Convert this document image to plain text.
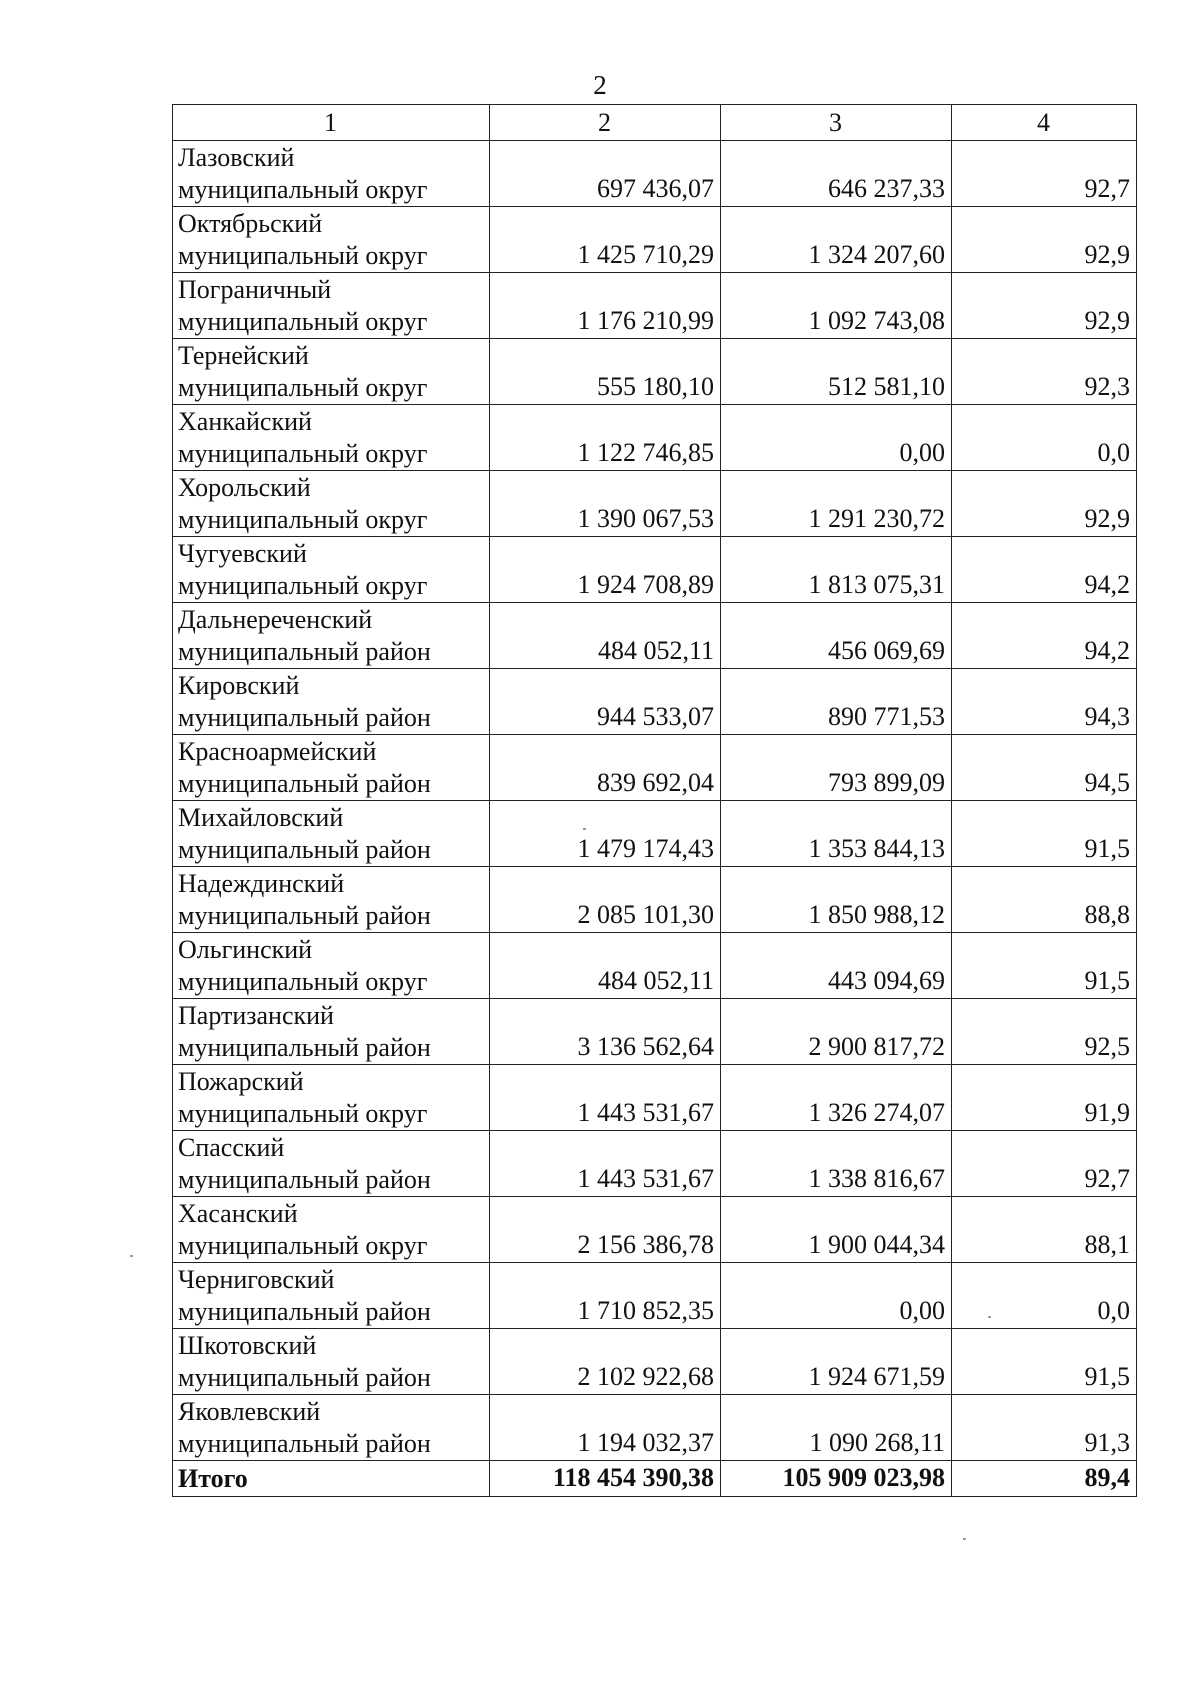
2
1	2	3	4

Лазовский
муниципальный округ	697 436,07	646 237,33	92,7

Октябрьский
муниципальный округ	1 425 710,29	1 324 207,60	92,9

Пограничный
муниципальный округ	1 176 210,99	1 092 743,08	92,9

Тернейский
муниципальный округ	555 180,10	512 581,10	92,3

Ханкайский
муниципальный округ	1 122 746,85	0,00	0,0

Хорольский
муниципальный округ	1 390 067,53	1 291 230,72	92,9

Чугуевский
муниципальный округ	1 924 708,89	1 813 075,31	94,2

Дальнереченский
муниципальный район	484 052,11	456 069,69	94,2

Кировский
муниципальный район	944 533,07	890 771,53	94,3

Красноармейский
муниципальный район	839 692,04	793 899,09	94,5

Михайловский
муниципальный район	1 479 174,43	1 353 844,13	91,5

Надеждинский
муниципальный район	2 085 101,30	1 850 988,12	88,8

Ольгинский
муниципальный округ	484 052,11	443 094,69	91,5

Партизанский
муниципальный район	3 136 562,64	2 900 817,72	92,5

Пожарский
муниципальный округ	1 443 531,67	1 326 274,07	91,9

Спасский
муниципальный район	1 443 531,67	1 338 816,67	92,7

Хасанский
муниципальный округ	2 156 386,78	1 900 044,34	88,1

Черниговский
муниципальный район	1 710 852,35	0,00	0,0

Шкотовский
муниципальный район	2 102 922,68	1 924 671,59	91,5

Яковлевский
муниципальный район	1 194 032,37	1 090 268,11	91,3
Итого	118 454 390,38	105 909 023,98	89,4
